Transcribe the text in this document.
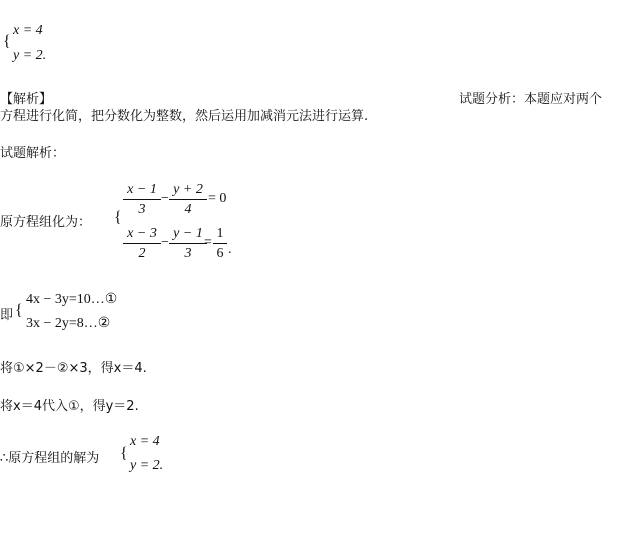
{
x = 4
y = 2.
【解析】	试题分析：本题应对两个
方程进行化简，把分数化为整数，然后运用加减消元法进行运算.
试题解析：
原方程组化为： {
x − 1
3
−
y + 2
4
= 0
x − 3
2
−
y − 1
3
=
1
6 .
即 {
4x − 3y=10…①
3x − 2y=8…②
将①×2－②×3，得x＝4.
将x＝4代入①，得y＝2.
∴原方程组的解为 {
x = 4
y = 2.
